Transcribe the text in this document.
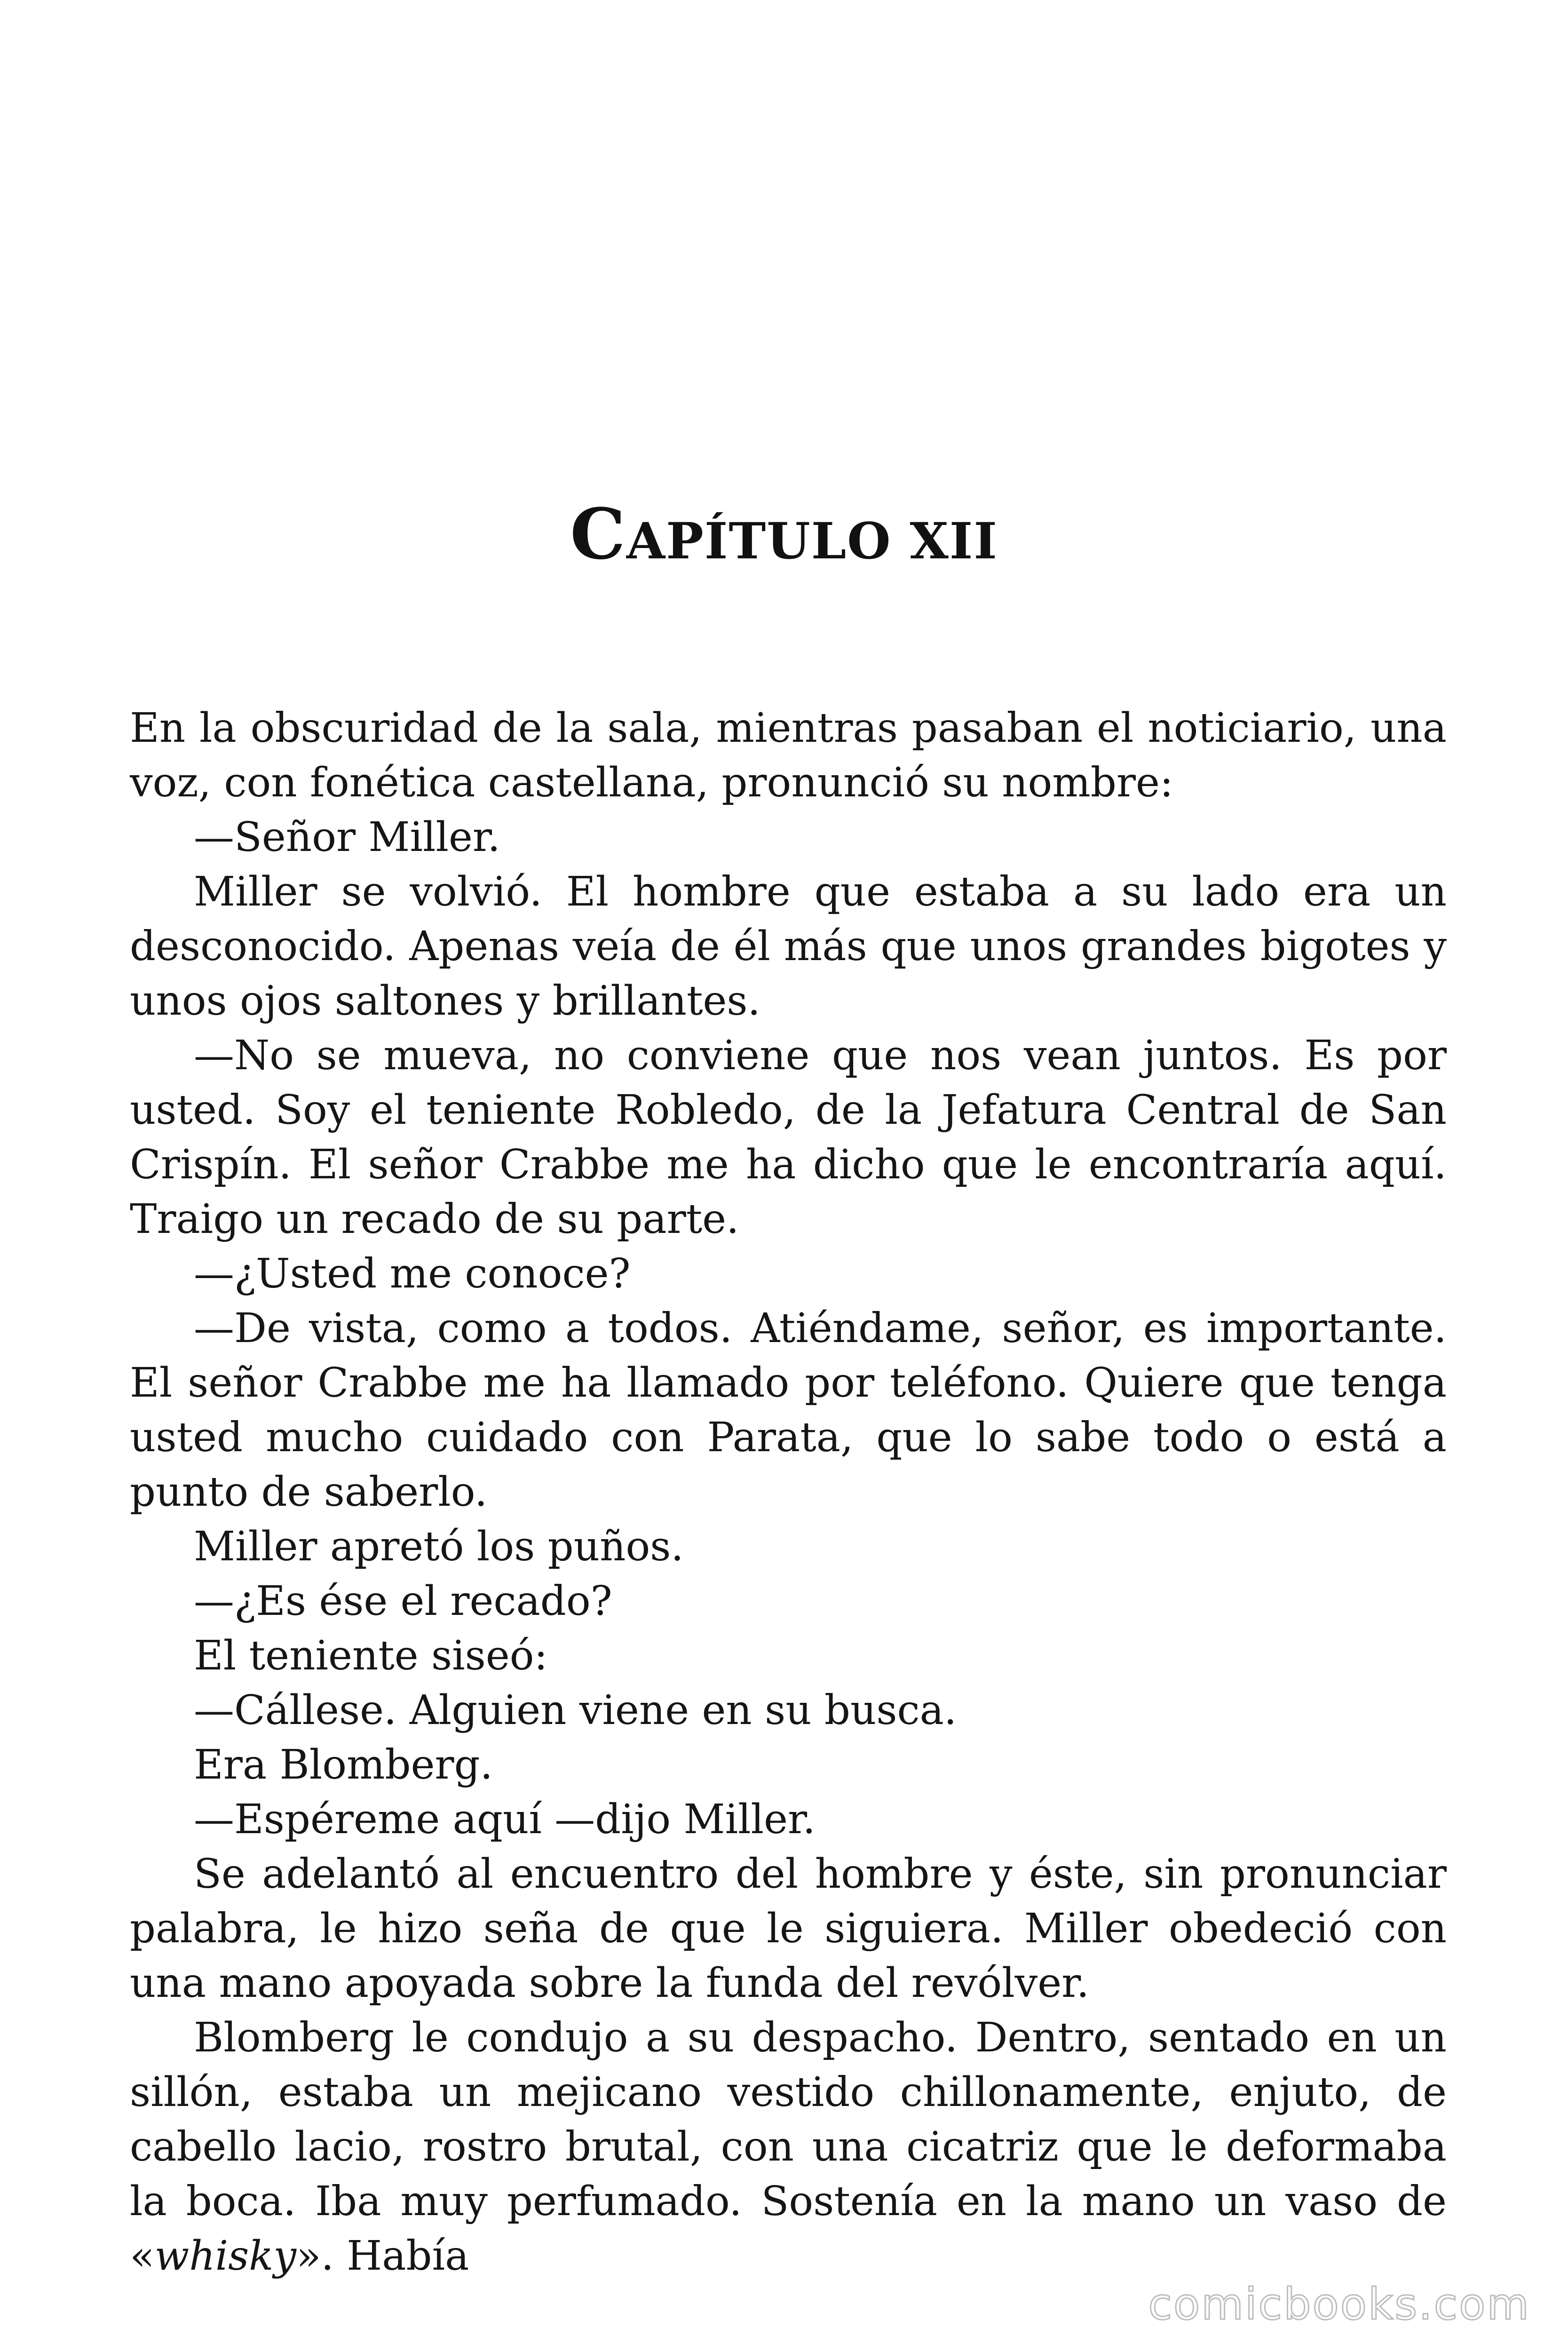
CAPÍTULO XII

En la obscuridad de la sala, mientras pasaban el noticiario, una voz, con fonética castellana, pronunció su nombre:

—Señor Miller.

Miller se volvió. El hombre que estaba a su lado era un desconocido. Apenas veía de él más que unos grandes bigotes y unos ojos saltones y brillantes.

—No se mueva, no conviene que nos vean juntos. Es por usted. Soy el teniente Robledo, de la Jefatura Central de San Crispín. El señor Crabbe me ha dicho que le encontraría aquí. Traigo un recado de su parte.

—¿Usted me conoce?

—De vista, como a todos. Atiéndame, señor, es importante. El señor Crabbe me ha llamado por teléfono. Quiere que tenga usted mucho cuidado con Parata, que lo sabe todo o está a punto de saberlo.

Miller apretó los puños.

—¿Es ése el recado?

El teniente siseó:

—Cállese. Alguien viene en su busca.

Era Blomberg.

—Espéreme aquí —dijo Miller.

Se adelantó al encuentro del hombre y éste, sin pronunciar palabra, le hizo seña de que le siguiera. Miller obedeció con una mano apoyada sobre la funda del revólver.

Blomberg le condujo a su despacho. Dentro, sentado en un sillón, estaba un mejicano vestido chillonamente, enjuto, de cabello lacio, rostro brutal, con una cicatriz que le deformaba la boca. Iba muy perfumado. Sostenía en la mano un vaso de «whisky». Había

comicbooks.com
